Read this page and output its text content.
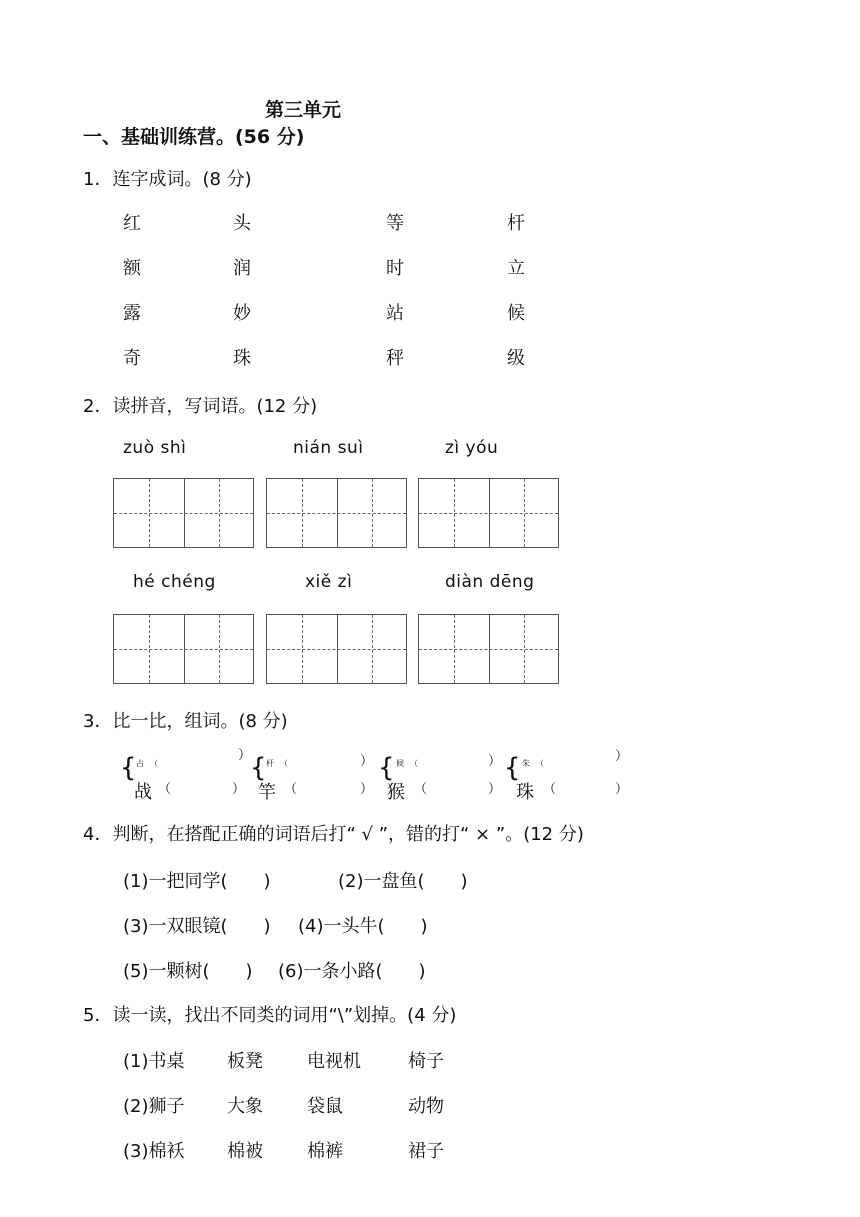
第三单元
一、基础训练营。(56 分)
1．连字成词。(8 分)
红	头	等	杆
额	润	时	立
露	妙	站	候
奇	珠	秤	级
2．读拼音，写词语。(12 分)
zuò shì	nián suì	zì yóu
hé chéng	xiě zì	diàn dēng
3．比一比，组词。(8 分)
{ 占 （
）
战 （	）
{ 杆 （	）
竿 （	）
{ 候 （	）
猴 （	）
{ 朱 （	）
珠 （	）
4．判断，在搭配正确的词语后打“ √ ”，错的打“ × ”。(12 分)
(1)一把同学(　　)	(2)一盘鱼(　　)
(3)一双眼镜(　　) (4)一头牛(　　)
(5)一颗树(　　) (6)一条小路(　　)
5．读一读，找出不同类的词用“\”划掉。(4 分)
(1)书桌 板凳 电视机	椅子
(2)狮子 大象 袋鼠	动物
(3)棉袄 棉被 棉裤	裙子
